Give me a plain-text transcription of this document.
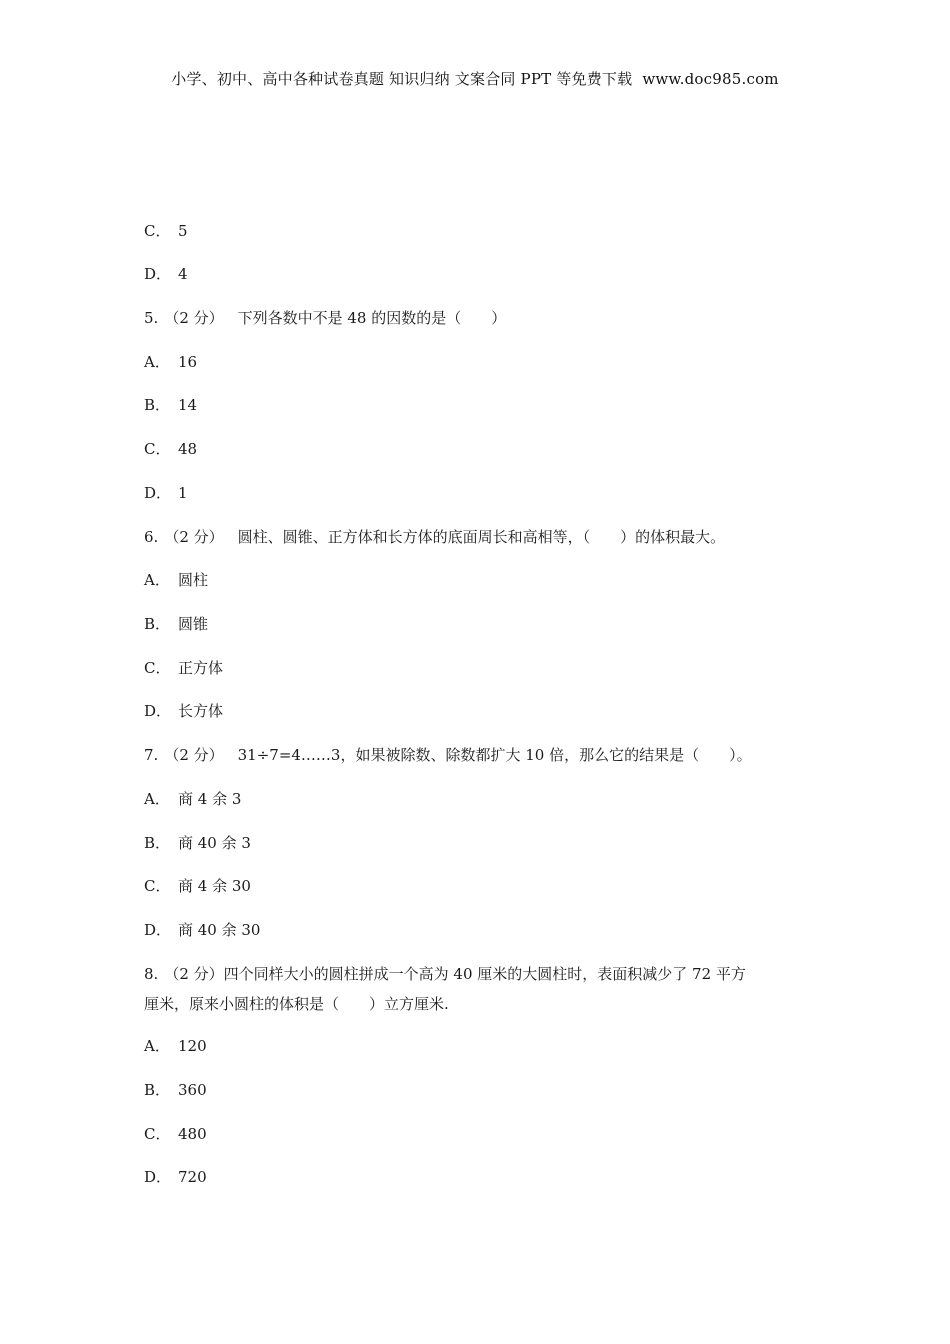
小学、初中、高中各种试卷真题 知识归纳 文案合同 PPT 等免费下载 www.doc985.com
C． 5
D． 4
5. （2 分） 下列各数中不是 48 的因数的是（　　）
A． 16
B． 14
C． 48
D． 1
6. （2 分） 圆柱、圆锥、正方体和长方体的底面周长和高相等，（　　）的体积最大。
A． 圆柱
B． 圆锥
C． 正方体
D． 长方体
7. （2 分） 31÷7=4……3，如果被除数、除数都扩大 10 倍，那么它的结果是（　　）。
A． 商 4 余 3
B． 商 40 余 3
C． 商 4 余 30
D． 商 40 余 30
8. （2 分）四个同样大小的圆柱拼成一个高为 40 厘米的大圆柱时，表面积减少了 72 平方
厘米，原来小圆柱的体积是（　　）立方厘米.
A． 120
B． 360
C． 480
D． 720
